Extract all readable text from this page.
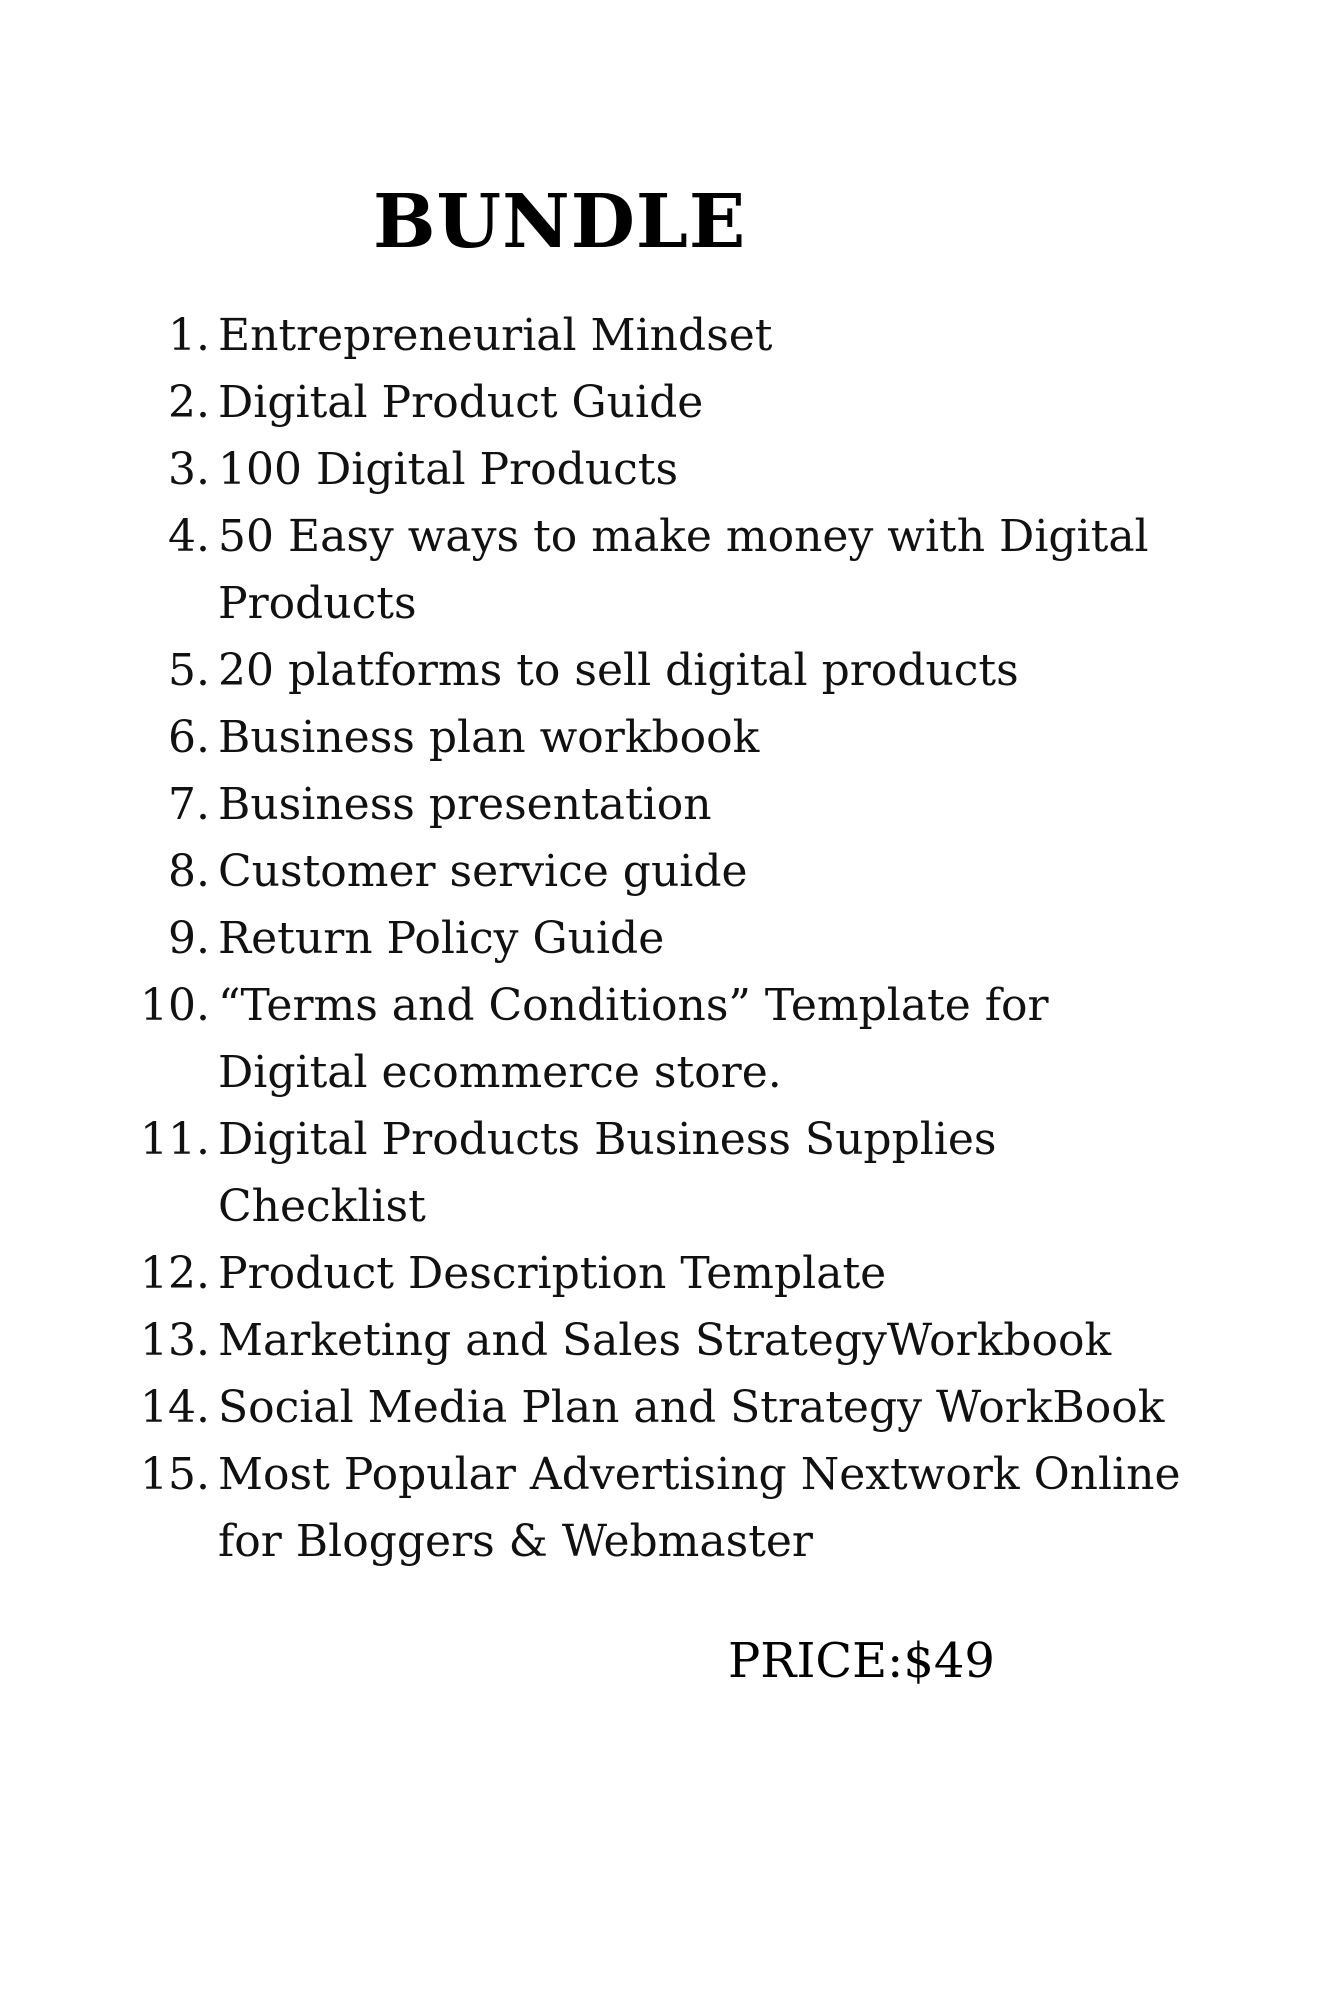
BUNDLE
1. Entrepreneurial Mindset
2. Digital Product Guide
3. 100 Digital Products
4. 50 Easy ways to make money with Digital
Products
5. 20 platforms to sell digital products
6. Business plan workbook
7. Business presentation
8. Customer service guide
9. Return Policy Guide
10. “Terms and Conditions” Template for
Digital ecommerce store.
11. Digital Products Business Supplies Checklist
12. Product Description Template
13. Marketing and Sales StrategyWorkbook
14. Social Media Plan and Strategy WorkBook
15. Most Popular Advertising Nextwork Online
for Bloggers & Webmaster
PRICE:$49
